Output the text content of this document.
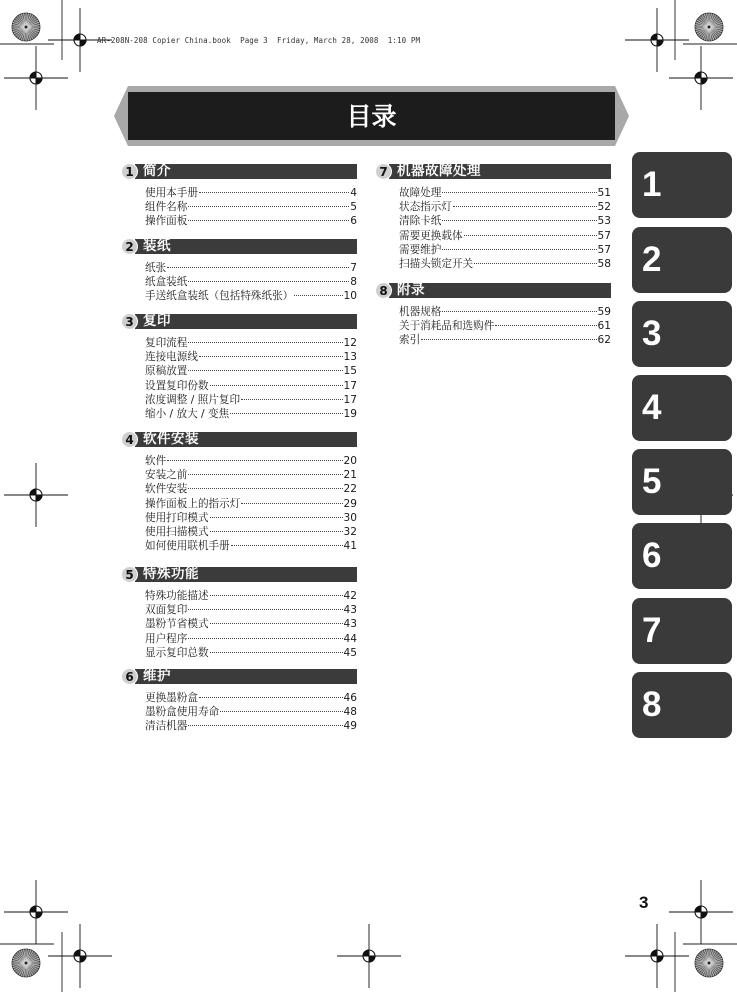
AR-208N-208 Copier China.book  Page 3  Friday, March 28, 2008  1:10 PM
目录
1 简介
使用本手册	4
组件名称	5
操作面板	6
2 装纸
纸张	7
纸盒装纸	8
手送纸盒装纸（包括特殊纸张）	10
3 复印
复印流程	12
连接电源线	13
原稿放置	15
设置复印份数	17
浓度调整 / 照片复印	17
缩小 / 放大 / 变焦	19
4 软件安装
软件	20
安装之前	21
软件安装	22
操作面板上的指示灯	29
使用打印模式	30
使用扫描模式	32
如何使用联机手册	41
5 特殊功能
特殊功能描述	42
双面复印	43
墨粉节省模式	43
用户程序	44
显示复印总数	45
6 维护
更换墨粉盒	46
墨粉盒使用寿命	48
清洁机器	49
7 机器故障处理
故障处理	51
状态指示灯	52
清除卡纸	53
需要更换载体	57
需要维护	57
扫描头锁定开关	58
8 附录
机器规格	59
关于消耗品和选购件	61
索引	62
1
2
3
4
5
6
7
8
3
